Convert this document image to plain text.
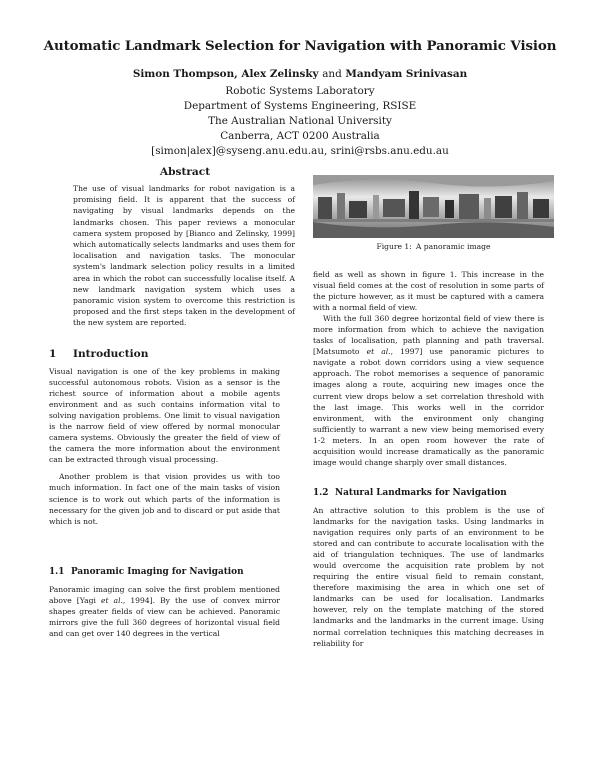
Automatic Landmark Selection for Navigation with Panoramic Vision
Simon Thompson, Alex Zelinsky and Mandyam Srinivasan
Robotic Systems Laboratory
Department of Systems Engineering, RSISE
The Australian National University
Canberra, ACT 0200 Australia
[simon|alex]@syseng.anu.edu.au, srini@rsbs.anu.edu.au
Abstract
The use of visual landmarks for robot navigation is a promising field. It is apparent that the success of navigating by visual landmarks depends on the landmarks chosen. This paper reviews a monocular camera system proposed by [Bianco and Zelinsky, 1999] which automatically selects landmarks and uses them for localisation and navigation tasks. The monocular system's landmark selection policy results in a limited area in which the robot can successfully localise itself. A new landmark navigation system which uses a panoramic vision system to overcome this restriction is proposed and the first steps taken in the development of the new system are reported.
1 Introduction

Visual navigation is one of the key problems in making successful autonomous robots. Vision as a sensor is the richest source of information about a mobile agents environment and as such contains information vital to solving navigation problems. One limit to visual navigation is the narrow field of view offered by normal monocular camera systems. Obviously the greater the field of view of the camera the more information about the environment can be extracted through visual processing.

Another problem is that vision provides us with too much information. In fact one of the main tasks of vision science is to work out which parts of the information is necessary for the given job and to discard or put aside that which is not.

1.1 Panoramic Imaging for Navigation

Panoramic imaging can solve the first problem mentioned above [Yagi et al., 1994]. By the use of convex mirror shapes greater fields of view can be achieved. Panoramic mirrors give the full 360 degrees of horizontal visual field and can get over 140 degrees in the vertical

Figure 1: A panoramic image

field as well as shown in figure 1. This increase in the visual field comes at the cost of resolution in some parts of the picture however, as it must be captured with a camera with a normal field of view.

With the full 360 degree horizontal field of view there is more information from which to achieve the navigation tasks of localisation, path planning and path traversal. [Matsumoto et al., 1997] use panoramic pictures to navigate a robot down corridors using a view sequence approach. The robot memorises a sequence of panoramic images along a route, acquiring new images once the current view drops below a set correlation threshold with the last image. This works well in the corridor environment, with the environment only changing sufficiently to warrant a new view being memorised every 1-2 meters. In an open room however the rate of acquisition would increase dramatically as the panoramic image would change sharply over small distances.

1.2 Natural Landmarks for Navigation

An attractive solution to this problem is the use of landmarks for the navigation tasks. Using landmarks in navigation requires only parts of an environment to be stored and can contribute to accurate localisation with the aid of triangulation techniques. The use of landmarks would overcome the acquisition rate problem by not requiring the entire visual field to remain constant, therefore maximising the area in which one set of landmarks can be used for localisation. Landmarks however, rely on the template matching of the stored landmarks and the landmarks in the current image. Using normal correlation techniques this matching decreases in reliability for
